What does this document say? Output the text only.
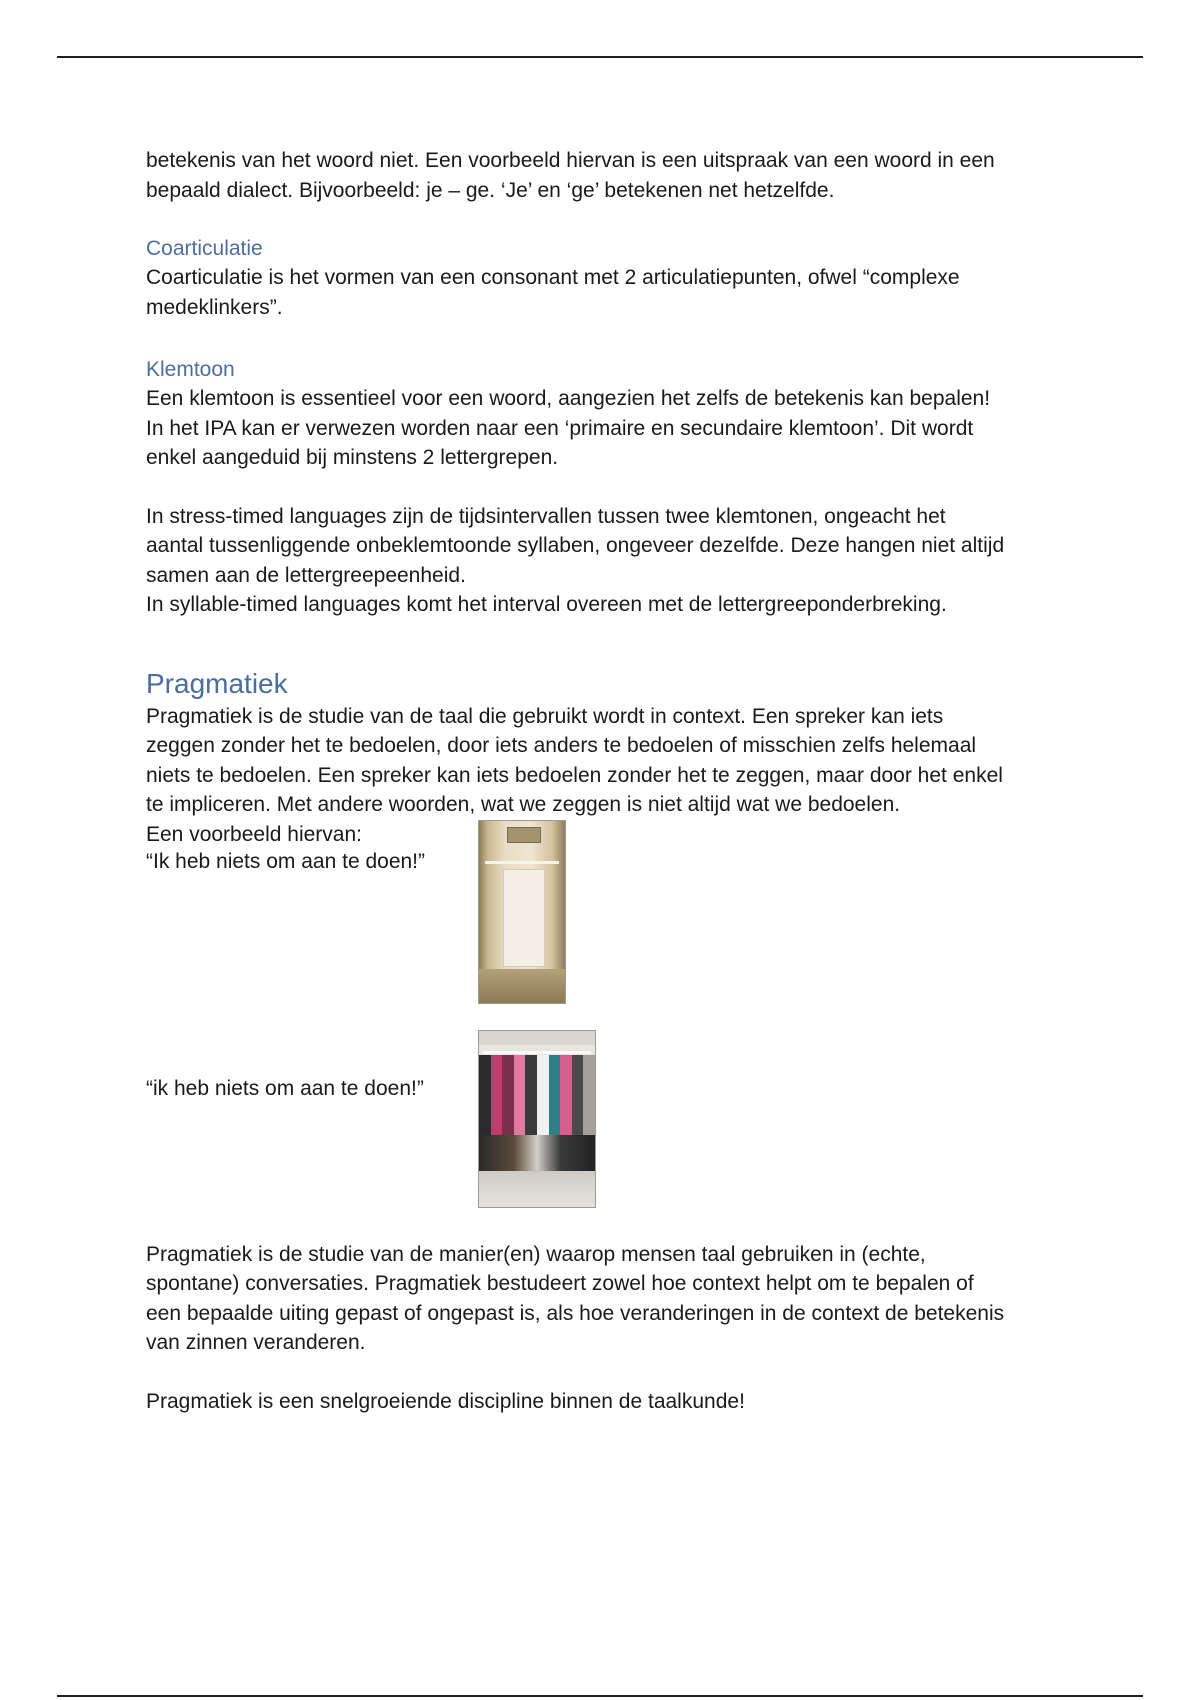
betekenis van het woord niet. Een voorbeeld hiervan is een uitspraak van een woord in een
bepaald dialect. Bijvoorbeeld: je – ge. ‘Je’ en ‘ge’ betekenen net hetzelfde.

Coarticulatie

Coarticulatie is het vormen van een consonant met 2 articulatiepunten, ofwel “complexe
medeklinkers”.

Klemtoon

Een klemtoon is essentieel voor een woord, aangezien het zelfs de betekenis kan bepalen!
In het IPA kan er verwezen worden naar een ‘primaire en secundaire klemtoon’. Dit wordt
enkel aangeduid bij minstens 2 lettergrepen.

In stress-timed languages zijn de tijdsintervallen tussen twee klemtonen, ongeacht het
aantal tussenliggende onbeklemtoonde syllaben, ongeveer dezelfde. Deze hangen niet altijd
samen aan de lettergreepeenheid.
In syllable-timed languages komt het interval overeen met de lettergreeponderbreking.

Pragmatiek

Pragmatiek is de studie van de taal die gebruikt wordt in context. Een spreker kan iets
zeggen zonder het te bedoelen, door iets anders te bedoelen of misschien zelfs helemaal
niets te bedoelen. Een spreker kan iets bedoelen zonder het te zeggen, maar door het enkel
te impliceren. Met andere woorden, wat we zeggen is niet altijd wat we bedoelen.

Een voorbeeld hiervan:

“Ik heb niets om aan te doen!”

“ik heb niets om aan te doen!”

Pragmatiek is de studie van de manier(en) waarop mensen taal gebruiken in (echte,
spontane) conversaties. Pragmatiek bestudeert zowel hoe context helpt om te bepalen of
een bepaalde uiting gepast of ongepast is, als hoe veranderingen in de context de betekenis
van zinnen veranderen.

Pragmatiek is een snelgroeiende discipline binnen de taalkunde!
